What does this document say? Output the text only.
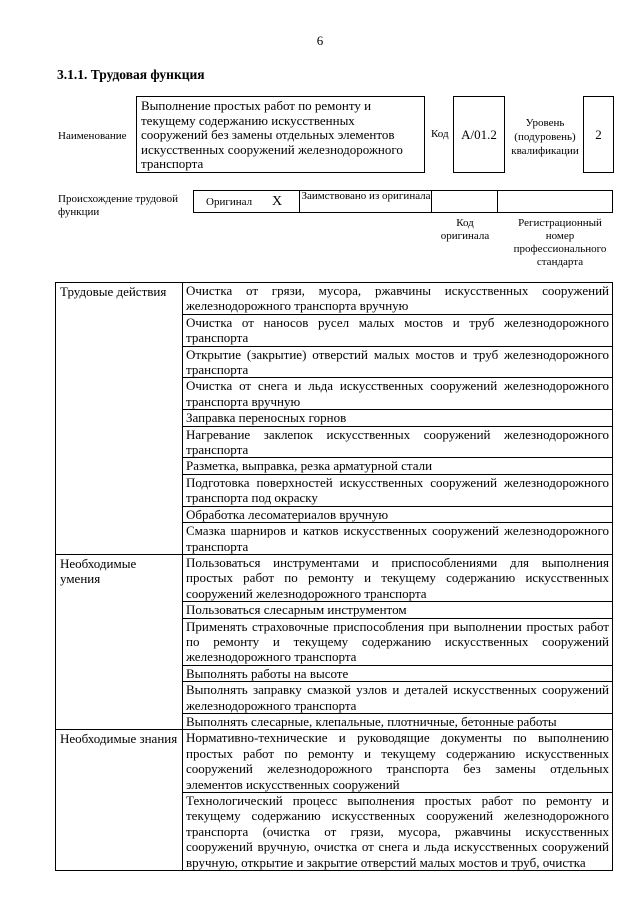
6
3.1.1. Трудовая функция
Наименование
Выполнение простых работ по ремонту и текущему содержанию искусственных сооружений без замены отдельных элементов искусственных сооружений железнодорожного транспорта
Код А/01.2
Уровень (подуровень) квалификации
2
Происхождение трудовой функции
Оригинал X Заимствовано из оригинала
Код оригинала
Регистрационный номер профессионального стандарта
Трудовые действия	Очистка от грязи, мусора, ржавчины искусственных сооружений железнодорожного транспорта вручную
	Очистка от наносов русел малых мостов и труб железнодорожного транспорта
	Открытие (закрытие) отверстий малых мостов и труб железнодорожного транспорта
	Очистка от снега и льда искусственных сооружений железнодорожного транспорта вручную
	Заправка переносных горнов
	Нагревание заклепок искусственных сооружений железнодорожного транспорта
	Разметка, выправка, резка арматурной стали
	Подготовка поверхностей искусственных сооружений железнодорожного транспорта под окраску
	Обработка лесоматериалов вручную
	Смазка шарниров и катков искусственных сооружений железнодорожного транспорта
Необходимые умения	Пользоваться инструментами и приспособлениями для выполнения простых работ по ремонту и текущему содержанию искусственных сооружений железнодорожного транспорта
	Пользоваться слесарным инструментом
	Применять страховочные приспособления при выполнении простых работ по ремонту и текущему содержанию искусственных сооружений железнодорожного транспорта
	Выполнять работы на высоте
	Выполнять заправку смазкой узлов и деталей искусственных сооружений железнодорожного транспорта
	Выполнять слесарные, клепальные, плотничные, бетонные работы
Необходимые знания	Нормативно-технические и руководящие документы по выполнению простых работ по ремонту и текущему содержанию искусственных сооружений железнодорожного транспорта без замены отдельных элементов искусственных сооружений
	Технологический процесс выполнения простых работ по ремонту и текущему содержанию искусственных сооружений железнодорожного транспорта (очистка от грязи, мусора, ржавчины искусственных сооружений вручную, очистка от снега и льда искусственных сооружений вручную, открытие и закрытие отверстий малых мостов и труб, очистка
